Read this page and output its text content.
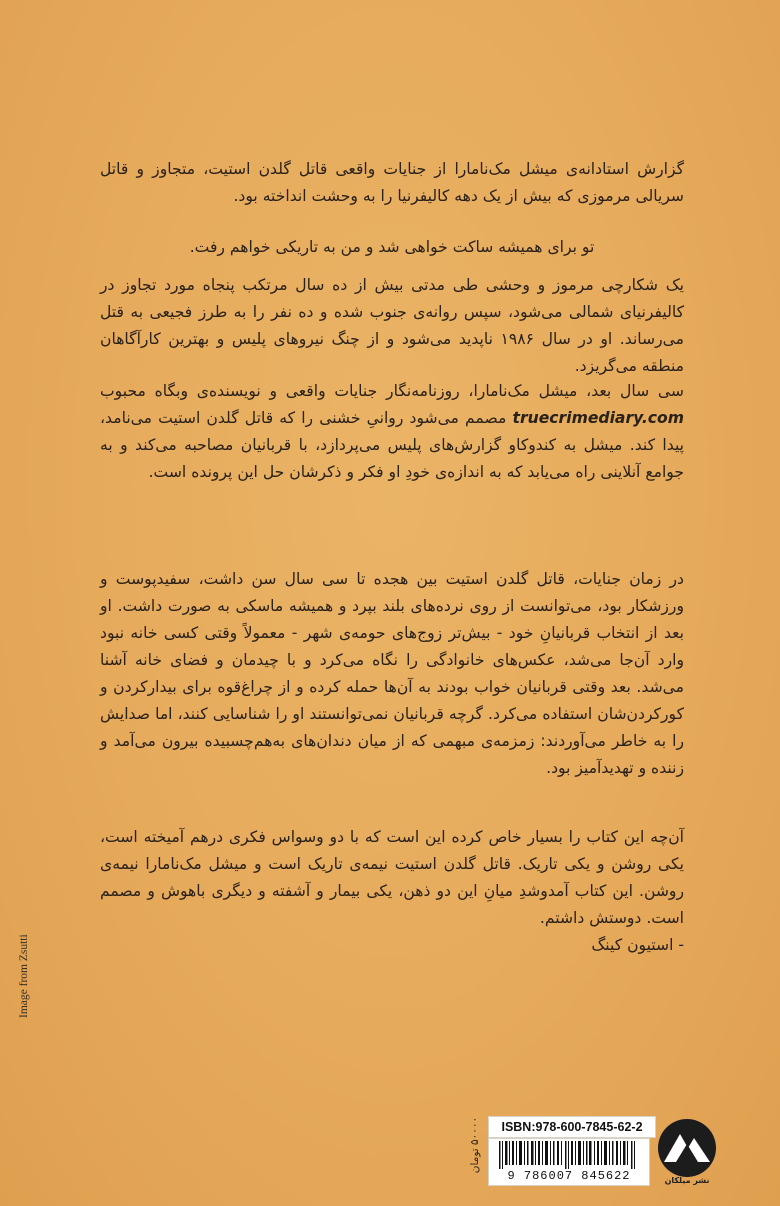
گزارش استادانه‌ی میشل مک‌نامارا از جنایات واقعی قاتل گلدن استیت، متجاوز و قاتل سریالی مرموزی که بیش از یک دهه کالیفرنیا را به وحشت انداخته بود.

تو برای همیشه ساکت خواهی شد و من به تاریکی خواهم رفت.

یک شکارچی مرموز و وحشی طی مدتی بیش از ده سال مرتکب پنجاه مورد تجاوز در کالیفرنیای شمالی می‌شود، سپس روانه‌ی جنوب شده و ده نفر را به طرز فجیعی به قتل می‌رساند. او در سال ۱۹۸۶ ناپدید می‌شود و از چنگ نیروهای پلیس و بهترین کارآگاهان منطقه می‌گریزد.

سی سال بعد، میشل مک‌نامارا، روزنامه‌نگار جنایات واقعی و نویسنده‌ی وبگاه محبوب truecrimediary.com مصمم می‌شود روانیِ خشنی را که قاتل گلدن استیت می‌نامد، پیدا کند. میشل به کندوکاو گزارش‌های پلیس می‌پردازد، با قربانیان مصاحبه می‌کند و به جوامع آنلاینی راه می‌یابد که به اندازه‌ی خودِ او فکر و ذکرشان حل این پرونده است.

در زمان جنایات، قاتل گلدن استیت بین هجده تا سی سال سن داشت، سفیدپوست و ورزشکار بود، می‌توانست از روی نرده‌های بلند بپرد و همیشه ماسکی به صورت داشت. او بعد از انتخاب قربانیانِ خود - بیش‌تر زوج‌های حومه‌ی شهر - معمولاً وقتی کسی خانه نبود وارد آن‌جا می‌شد، عکس‌های خانوادگی را نگاه می‌کرد و با چیدمان و فضای خانه آشنا می‌شد. بعد وقتی قربانیان خواب بودند به آن‌ها حمله کرده و از چراغ‌قوه برای بیدارکردن و کورکردن‌شان استفاده می‌کرد. گرچه قربانیان نمی‌توانستند او را شناسایی کنند، اما صدایش را به خاطر می‌آوردند: زمزمه‌ی مبهمی که از میان دندان‌های به‌هم‌چسبیده بیرون می‌آمد و زننده و تهدیدآمیز بود.

آن‌چه این کتاب را بسیار خاص کرده این است که با دو وسواس فکری درهم آمیخته است، یکی روشن و یکی تاریک. قاتل گلدن استیت نیمه‌ی تاریک است و میشل مک‌نامارا نیمه‌ی روشن. این کتاب آمدوشدِ میانِ این دو ذهن، یکی بیمار و آشفته و دیگری باهوش و مصمم است. دوستش داشتم.

- استیون کینگ

Image from Zsutti
۵۰۰۰۰ تومان	ISBN:978-600-7845-62-2
9 786007 845622	نشر میلکان
